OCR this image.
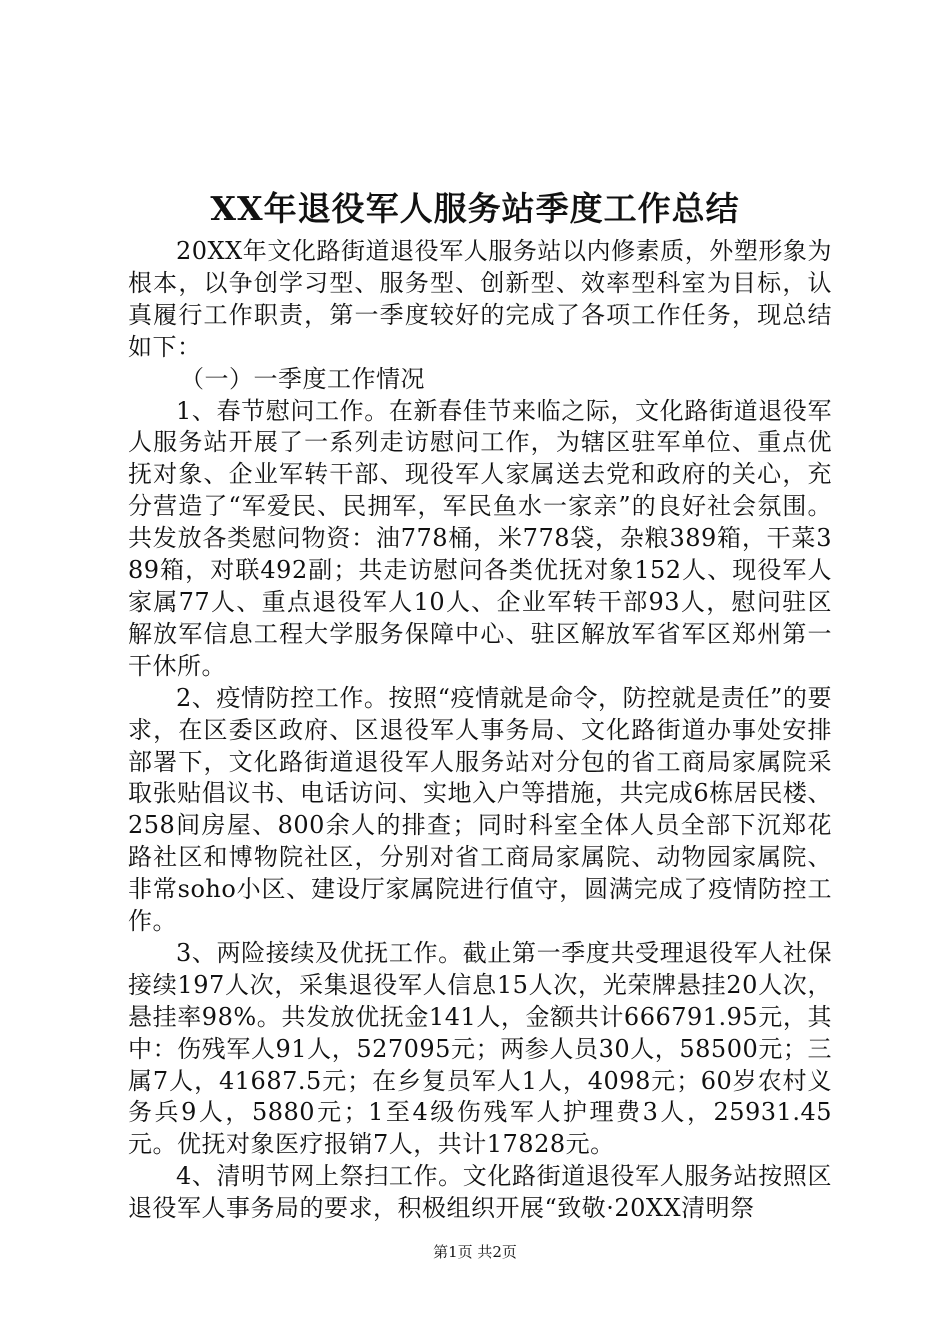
XX年退役军人服务站季度工作总结

20XX年文化路街道退役军人服务站以内修素质，外塑形象为根本，以争创学习型、服务型、创新型、效率型科室为目标，认真履行工作职责，第一季度较好的完成了各项工作任务，现总结如下：

（一）一季度工作情况

1、春节慰问工作。在新春佳节来临之际，文化路街道退役军人服务站开展了一系列走访慰问工作，为辖区驻军单位、重点优抚对象、企业军转干部、现役军人家属送去党和政府的关心，充分营造了“军爱民、民拥军，军民鱼水一家亲”的良好社会氛围。共发放各类慰问物资：油778桶，米778袋，杂粮389箱，干菜389箱，对联492副；共走访慰问各类优抚对象152人、现役军人家属77人、重点退役军人10人、企业军转干部93人，慰问驻区解放军信息工程大学服务保障中心、驻区解放军省军区郑州第一干休所。

2、疫情防控工作。按照“疫情就是命令，防控就是责任”的要求，在区委区政府、区退役军人事务局、文化路街道办事处安排部署下，文化路街道退役军人服务站对分包的省工商局家属院采取张贴倡议书、电话访问、实地入户等措施，共完成6栋居民楼、258间房屋、800余人的排查；同时科室全体人员全部下沉郑花路社区和博物院社区，分别对省工商局家属院、动物园家属院、非常soho小区、建设厅家属院进行值守，圆满完成了疫情防控工作。

3、两险接续及优抚工作。截止第一季度共受理退役军人社保接续197人次，采集退役军人信息15人次，光荣牌悬挂20人次，悬挂率98%。共发放优抚金141人，金额共计666791.95元，其中：伤残军人91人，527095元；两参人员30人，58500元；三属7人，41687.5元；在乡复员军人1人，4098元；60岁农村义务兵9人，5880元；1至4级伤残军人护理费3人，25931.45元。优抚对象医疗报销7人，共计17828元。

4、清明节网上祭扫工作。文化路街道退役军人服务站按照区退役军人事务局的要求，积极组织开展“致敬·20XX清明祭

第1页 共2页
